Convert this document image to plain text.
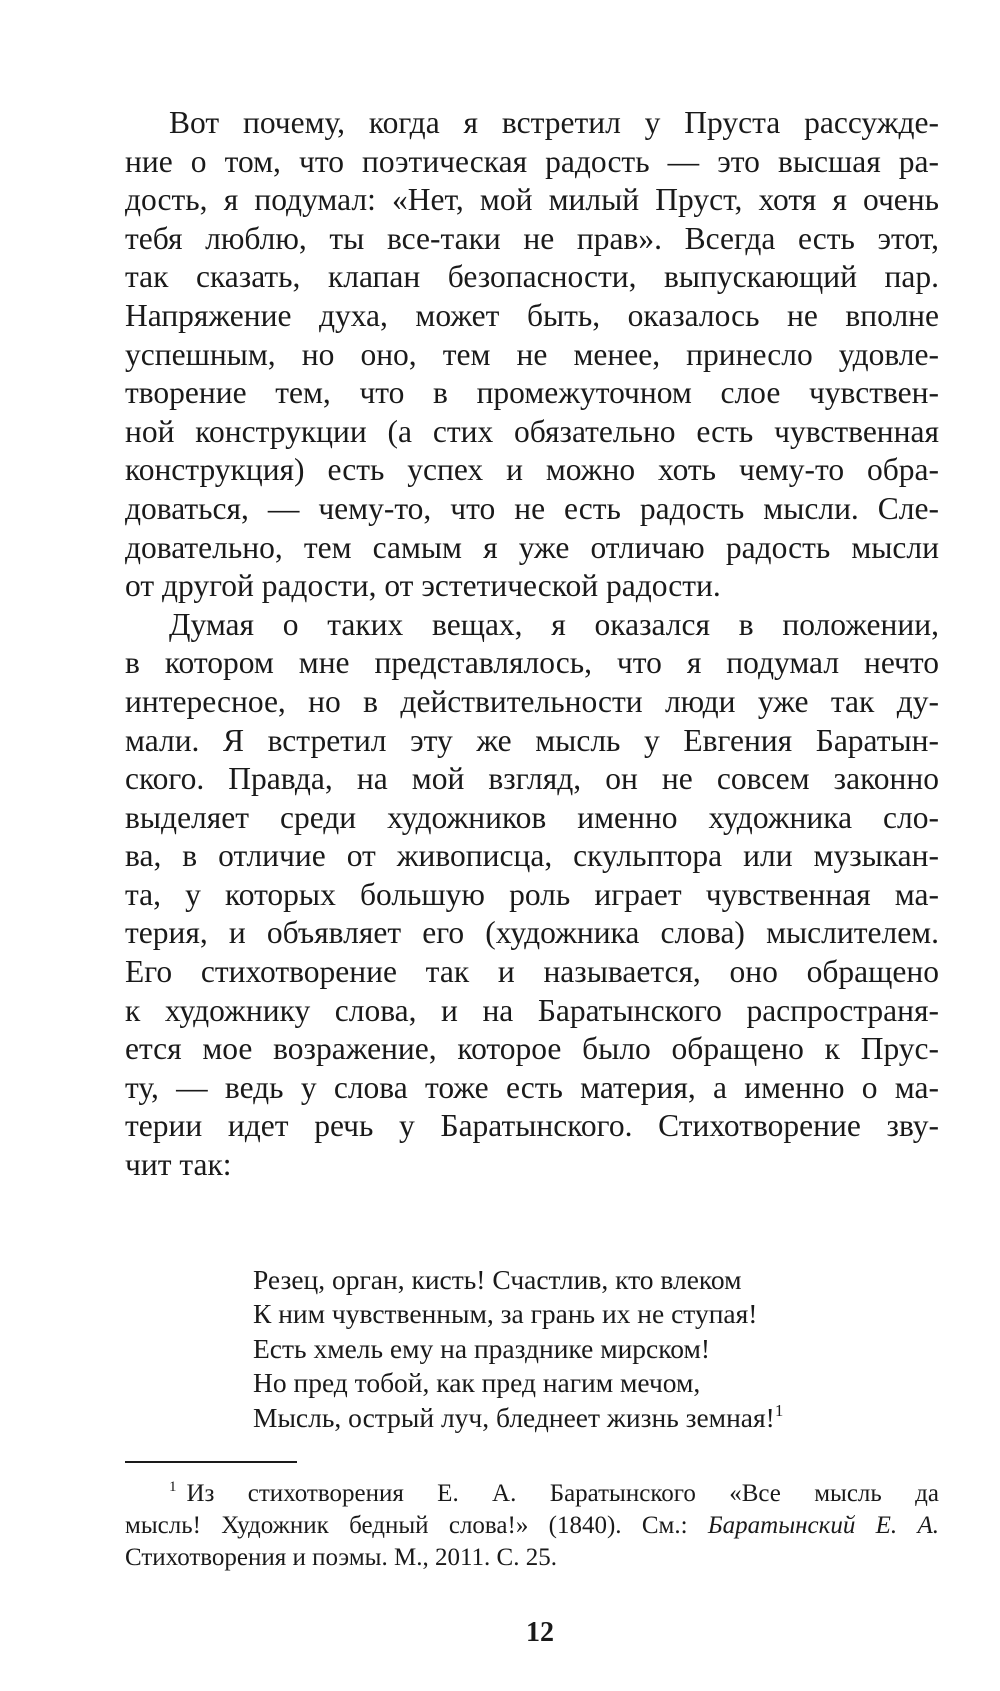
Вот почему, когда я встретил у Пруста рассужде-
ние о том, что поэтическая радость — это высшая ра-
дость, я подумал: «Нет, мой милый Пруст, хотя я очень
тебя люблю, ты все-таки не прав». Всегда есть этот,
так сказать, клапан безопасности, выпускающий пар.
Напряжение духа, может быть, оказалось не вполне
успешным, но оно, тем не менее, принесло удовле-
творение тем, что в промежуточном слое чувствен-
ной конструкции (а стих обязательно есть чувственная
конструкция) есть успех и можно хоть чему-то обра-
доваться, — чему-то, что не есть радость мысли. Сле-
довательно, тем самым я уже отличаю радость мысли
от другой радости, от эстетической радости.
Думая о таких вещах, я оказался в положении,
в котором мне представлялось, что я подумал нечто
интересное, но в действительности люди уже так ду-
мали. Я встретил эту же мысль у Евгения Баратын-
ского. Правда, на мой взгляд, он не совсем законно
выделяет среди художников именно художника сло-
ва, в отличие от живописца, скульптора или музыкан-
та, у которых большую роль играет чувственная ма-
терия, и объявляет его (художника слова) мыслителем.
Его стихотворение так и называется, оно обращено
к художнику слова, и на Баратынского распространя-
ется мое возражение, которое было обращено к Прус-
ту, — ведь у слова тоже есть материя, а именно о ма-
терии идет речь у Баратынского. Стихотворение зву-
чит так:
Резец, орган, кисть! Счастлив, кто влеком
К ним чувственным, за грань их не ступая!
Есть хмель ему на празднике мирском!
Но пред тобой, как пред нагим мечом,
Мысль, острый луч, бледнеет жизнь земная!$^1$
$^1$ Из стихотворения Е. А. Баратынского «Все мысль да
мысль! Художник бедный слова!» (1840). См.: Баратынский Е. А.
Стихотворения и поэмы. М., 2011. С. 25.
12
